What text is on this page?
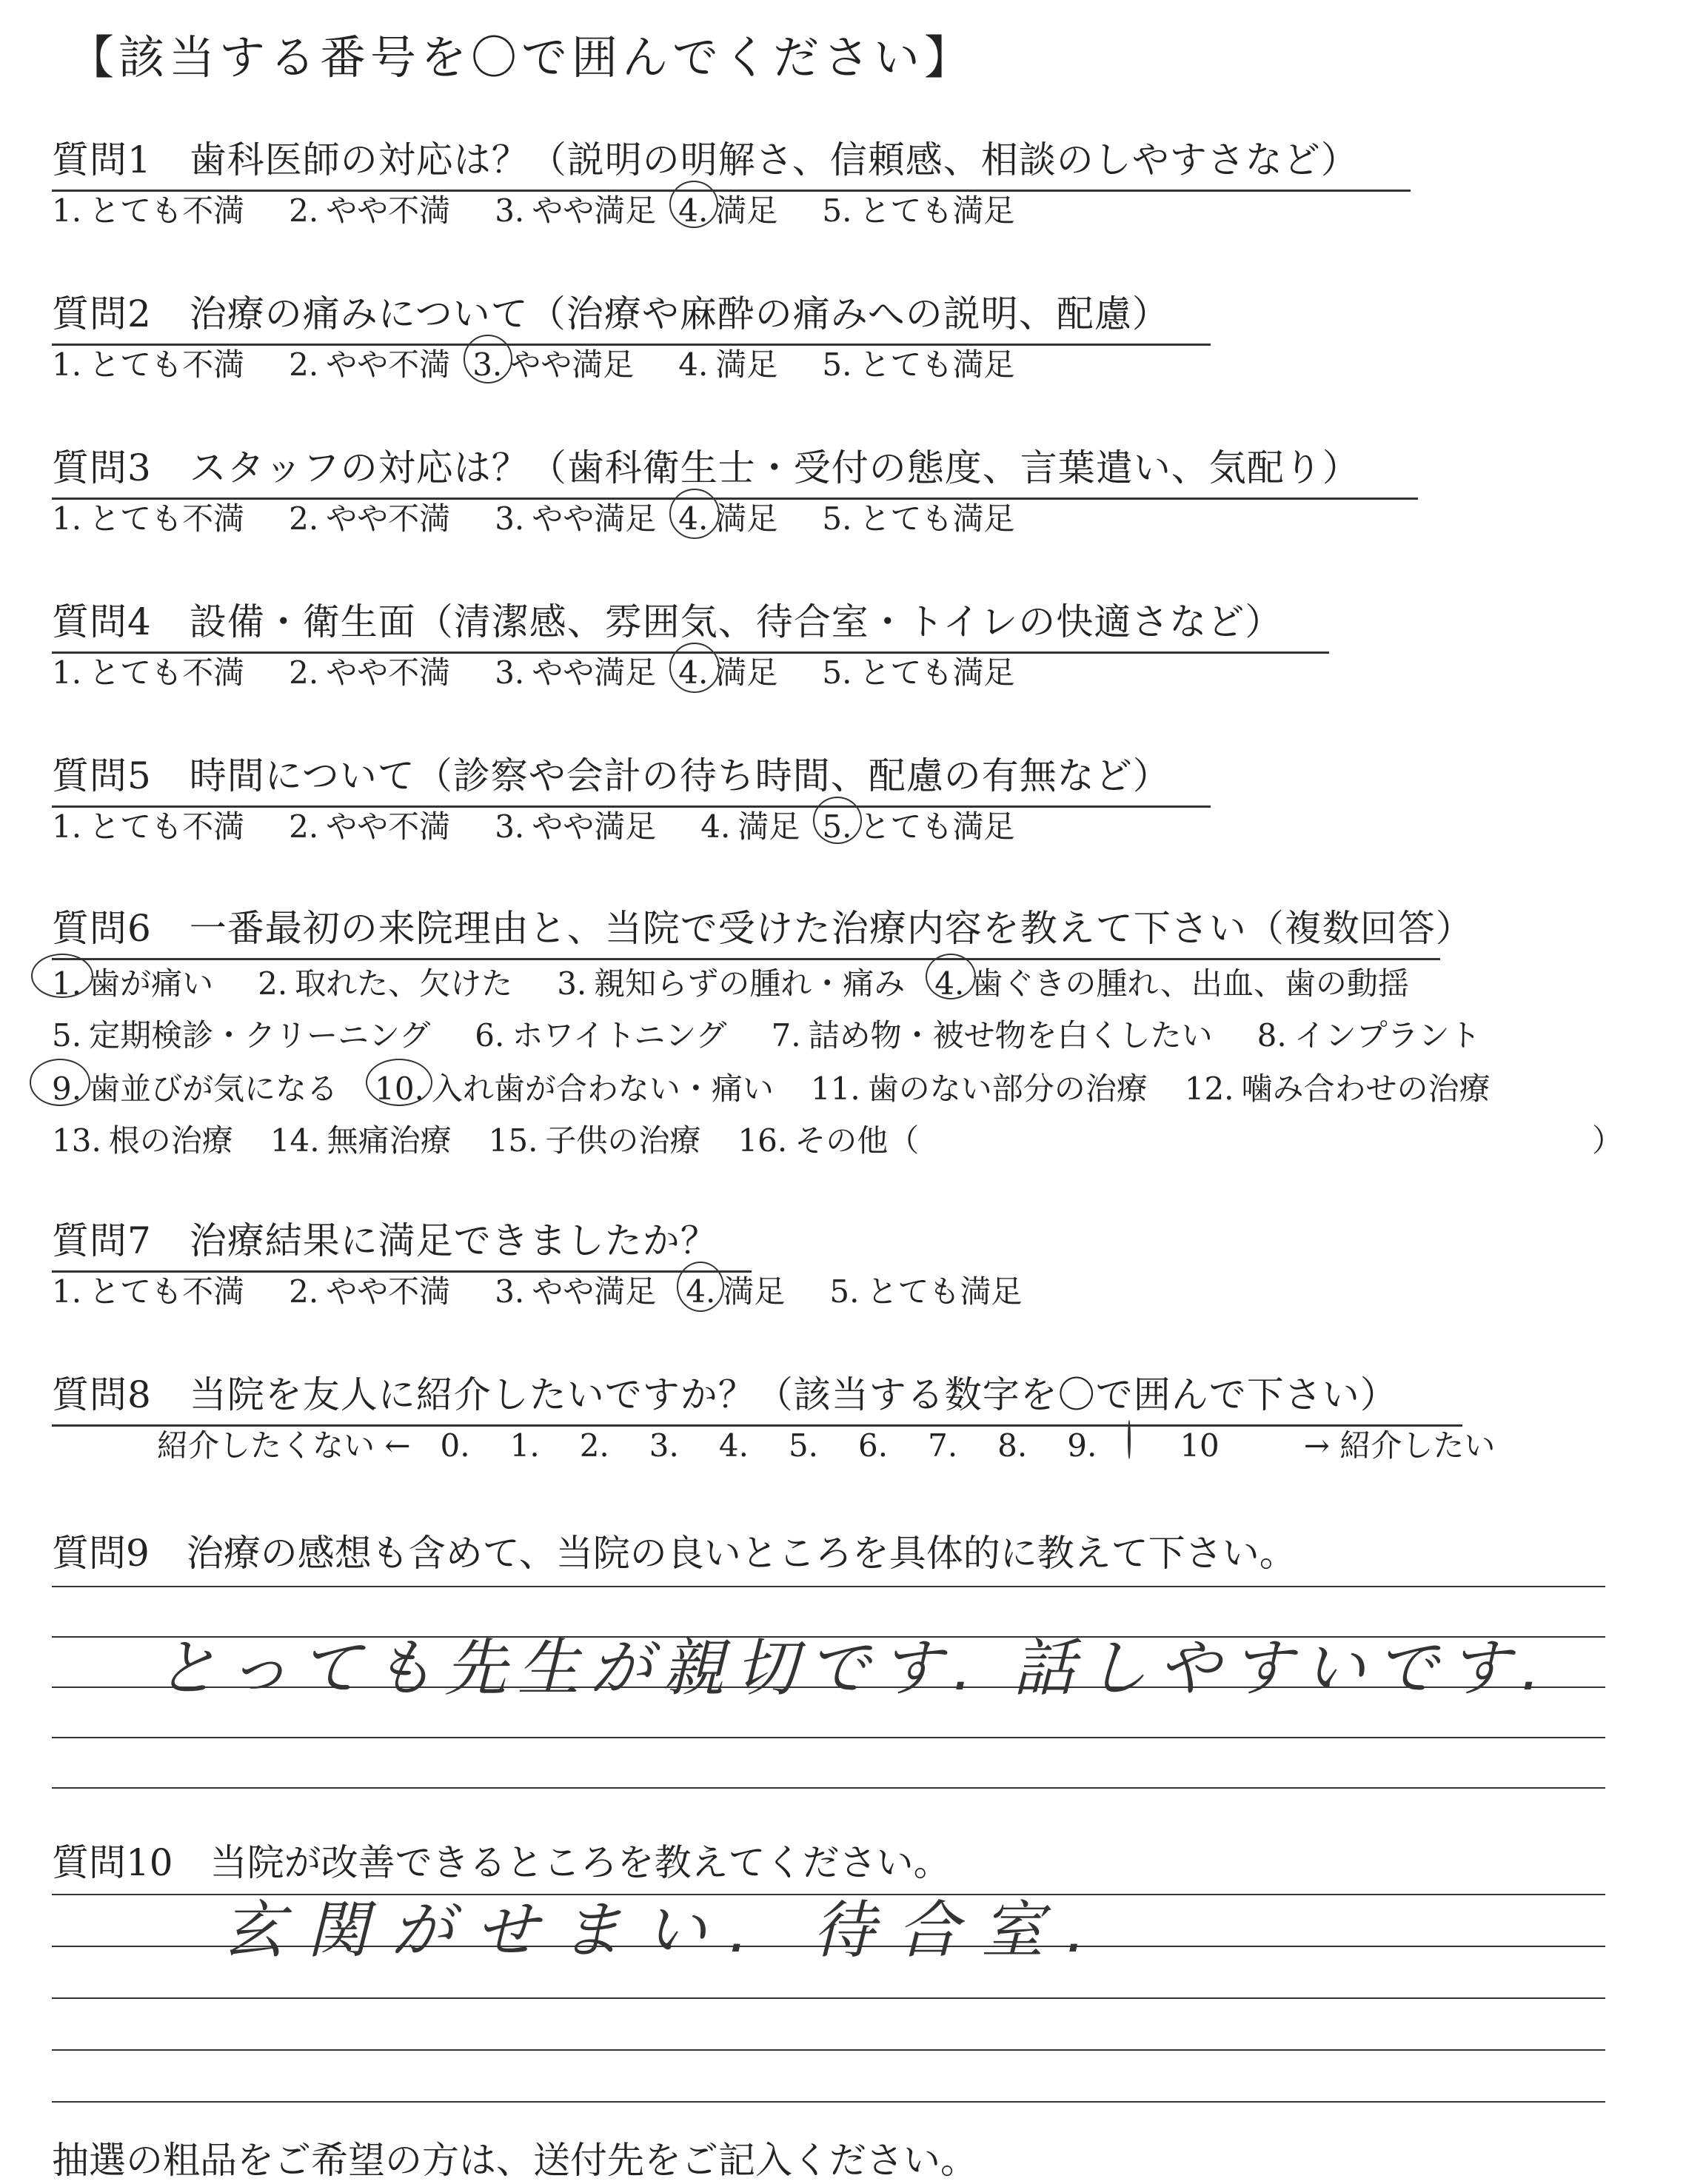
【該当する番号を〇で囲んでください】
質問1　歯科医師の対応は？（説明の明解さ、信頼感、相談のしやすさなど）
1. とても不満 2. やや不満 3. やや満足 4. 満足 5. とても満足
質問2　治療の痛みについて（治療や麻酔の痛みへの説明、配慮）
1. とても不満 2. やや不満 3. やや満足 4. 満足 5. とても満足
質問3　スタッフの対応は？（歯科衛生士・受付の態度、言葉遣い、気配り）
1. とても不満 2. やや不満 3. やや満足 4. 満足 5. とても満足
質問4　設備・衛生面（清潔感、雰囲気、待合室・トイレの快適さなど）
1. とても不満 2. やや不満 3. やや満足 4. 満足 5. とても満足
質問5　時間について（診察や会計の待ち時間、配慮の有無など）
1. とても不満 2. やや不満 3. やや満足 4. 満足 5. とても満足
質問6　一番最初の来院理由と、当院で受けた治療内容を教えて下さい（複数回答）
1. 歯が痛い 2. 取れた、欠けた 3. 親知らずの腫れ・痛み 4. 歯ぐきの腫れ、出血、歯の動揺
5. 定期検診・クリーニング 6. ホワイトニング 7. 詰め物・被せ物を白くしたい 8. インプラント
9. 歯並びが気になる 10. 入れ歯が合わない・痛い 11. 歯のない部分の治療 12. 噛み合わせの治療
13. 根の治療 14. 無痛治療 15. 子供の治療 16. その他（	）
質問7　治療結果に満足できましたか？
1. とても不満 2. やや不満 3. やや満足 4. 満足 5. とても満足
質問8　当院を友人に紹介したいですか？（該当する数字を〇で囲んで下さい）
紹介したくない ← 0. 1. 2. 3. 4. 5. 6. 7. 8. 9.	10	→ 紹介したい
質問9　治療の感想も含めて、当院の良いところを具体的に教えて下さい。
とっても先生が親切です. 話しやすいです.
質問10　当院が改善できるところを教えてください。
玄関がせまい. 待合室.
抽選の粗品をご希望の方は、送付先をご記入ください。
